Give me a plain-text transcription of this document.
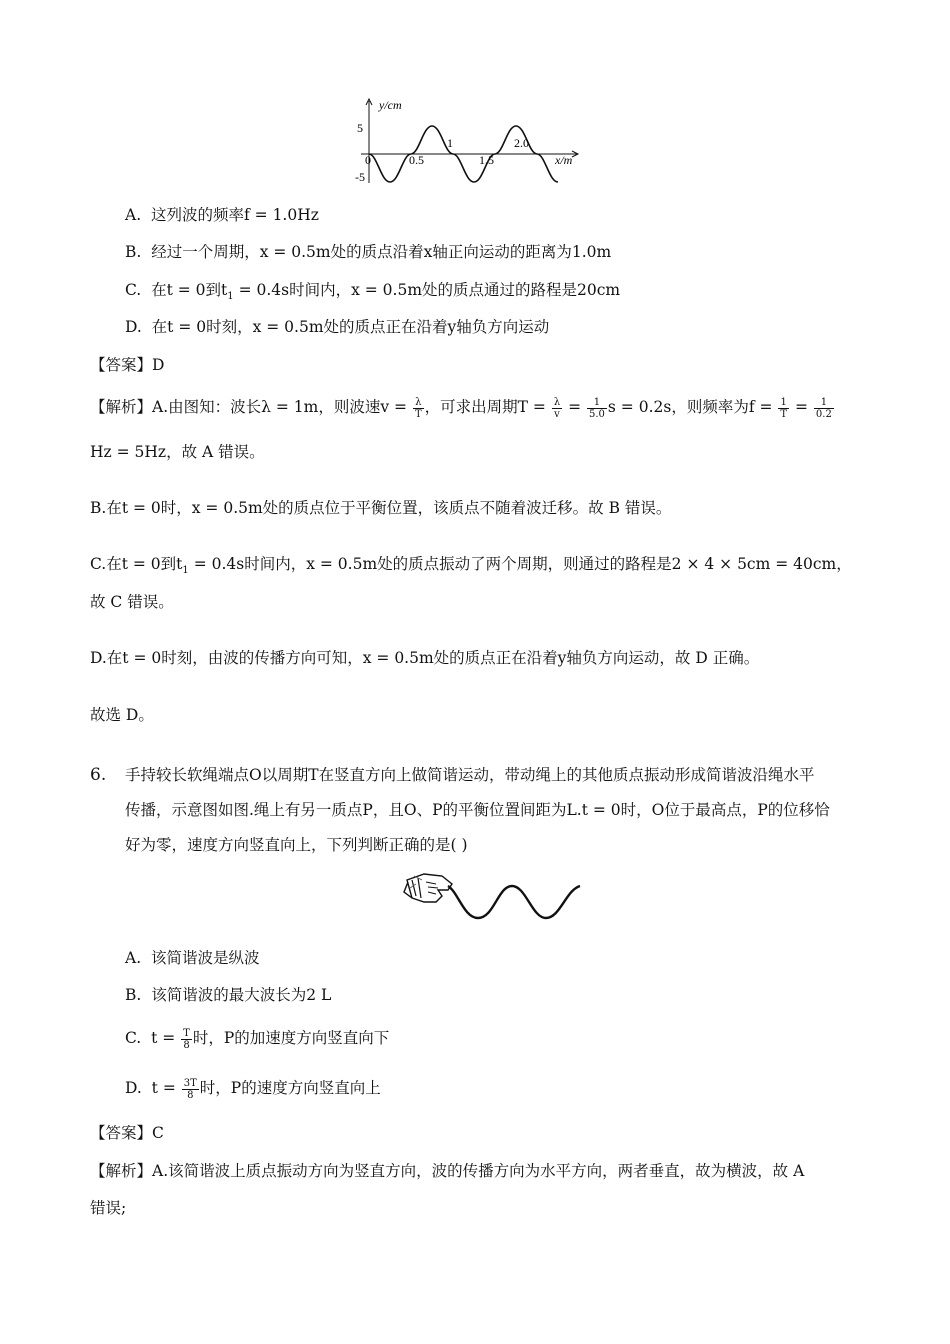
y/cm
5
-5
0	0.5
1
1.5
2.0
x/m
A. 这列波的频率f = 1.0Hz
B. 经过一个周期，x = 0.5m处的质点沿着x轴正向运动的距离为1.0m
C. 在t = 0到$t_1 = 0.4s$时间内，x = 0.5m处的质点通过的路程是20cm
D. 在t = 0时刻，x = 0.5m处的质点正在沿着y轴负方向运动
【答案】D
【解析】A.由图知：波长λ = 1m，则波速$v = \frac{\lambda}{T}$ ，可求出周期$T = \frac{\lambda}{v} = \frac{1}{5.0}$ s = 0.2s，则频率为$f = \frac{1}{T} = \frac{1}{0.2}$
Hz = 5Hz，故 A 错误。
B.在t = 0时，x = 0.5m处的质点位于平衡位置，该质点不随着波迁移。故 B 错误。
C.在t = 0到$t_1 = 0.4s$时间内，x = 0.5m处的质点振动了两个周期，则通过的路程是2 × 4 × 5cm = 40cm，
故 C 错误。
D.在t = 0时刻，由波的传播方向可知，x = 0.5m处的质点正在沿着y轴负方向运动，故 D 正确。
故选 D。
6. 手持较长软绳端点O以周期T在竖直方向上做简谐运动，带动绳上的其他质点振动形成简谐波沿绳水平
传播，示意图如图.绳上有另一质点P，且O、P的平衡位置间距为L.t = 0时，O位于最高点，P的位移恰
好为零，速度方向竖直向上，下列判断正确的是( )
A. 该简谐波是纵波
B. 该简谐波的最大波长为2 L
C. $t = \frac{T}{8}$ 时，P的加速度方向竖直向下
D. $t = \frac{3T}{8}$ 时，P的速度方向竖直向上
【答案】C
【解析】A.该简谐波上质点振动方向为竖直方向，波的传播方向为水平方向，两者垂直，故为横波，故 A
错误;
